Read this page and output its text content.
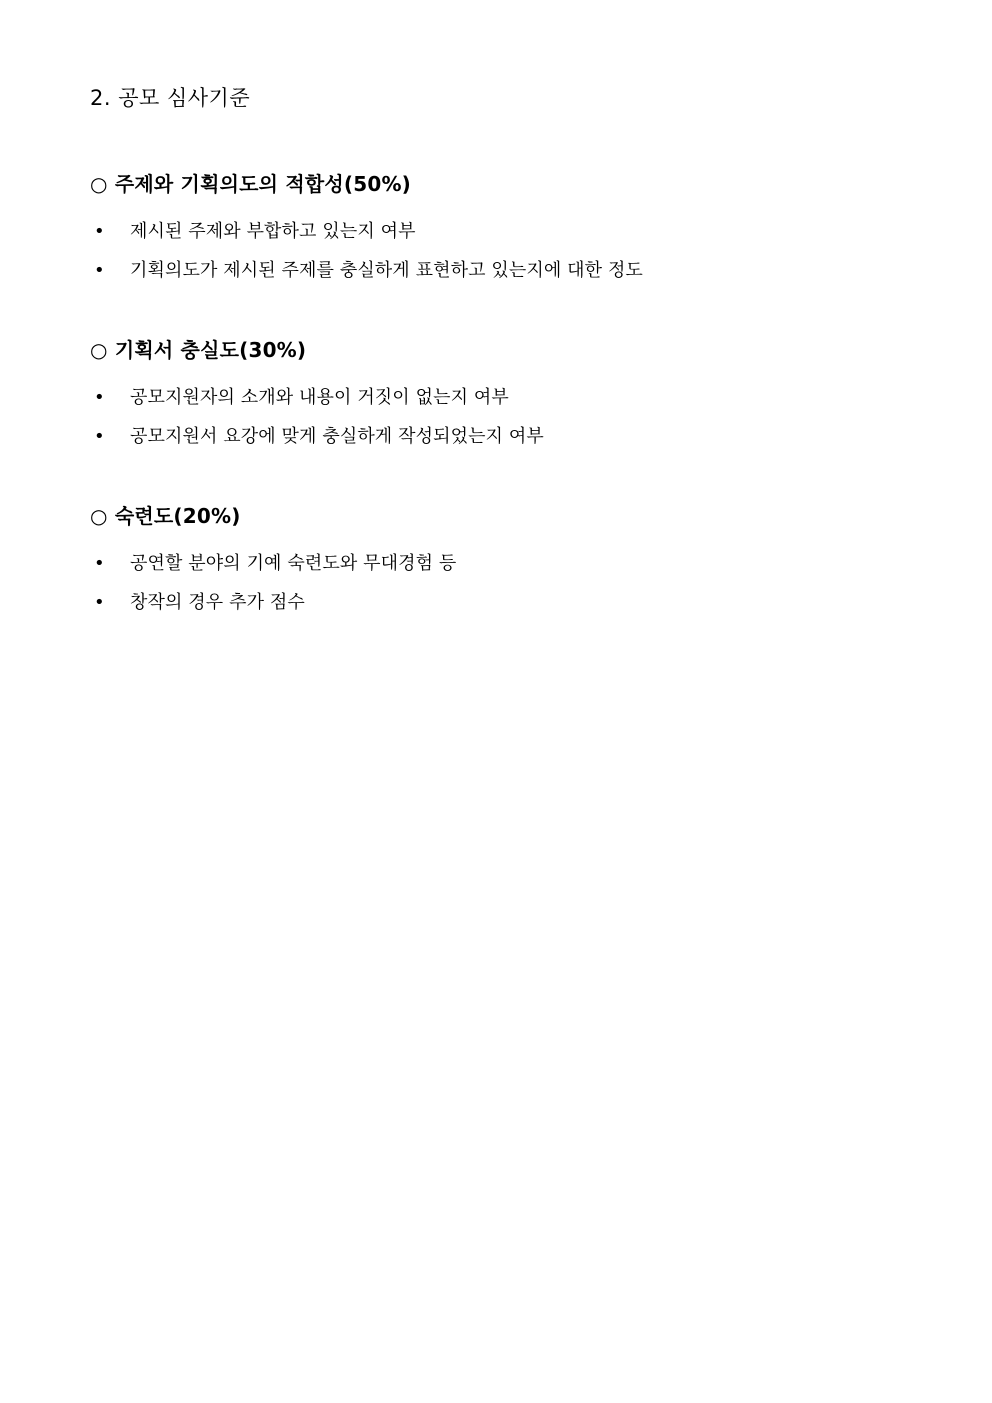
2. 공모 심사기준
○ 주제와 기획의도의 적합성(50%)
• 제시된 주제와 부합하고 있는지 여부
• 기획의도가 제시된 주제를 충실하게 표현하고 있는지에 대한 정도
○ 기획서 충실도(30%)
• 공모지원자의 소개와 내용이 거짓이 없는지 여부
• 공모지원서 요강에 맞게 충실하게 작성되었는지 여부
○ 숙련도(20%)
• 공연할 분야의 기예 숙련도와 무대경험 등
• 창작의 경우 추가 점수
